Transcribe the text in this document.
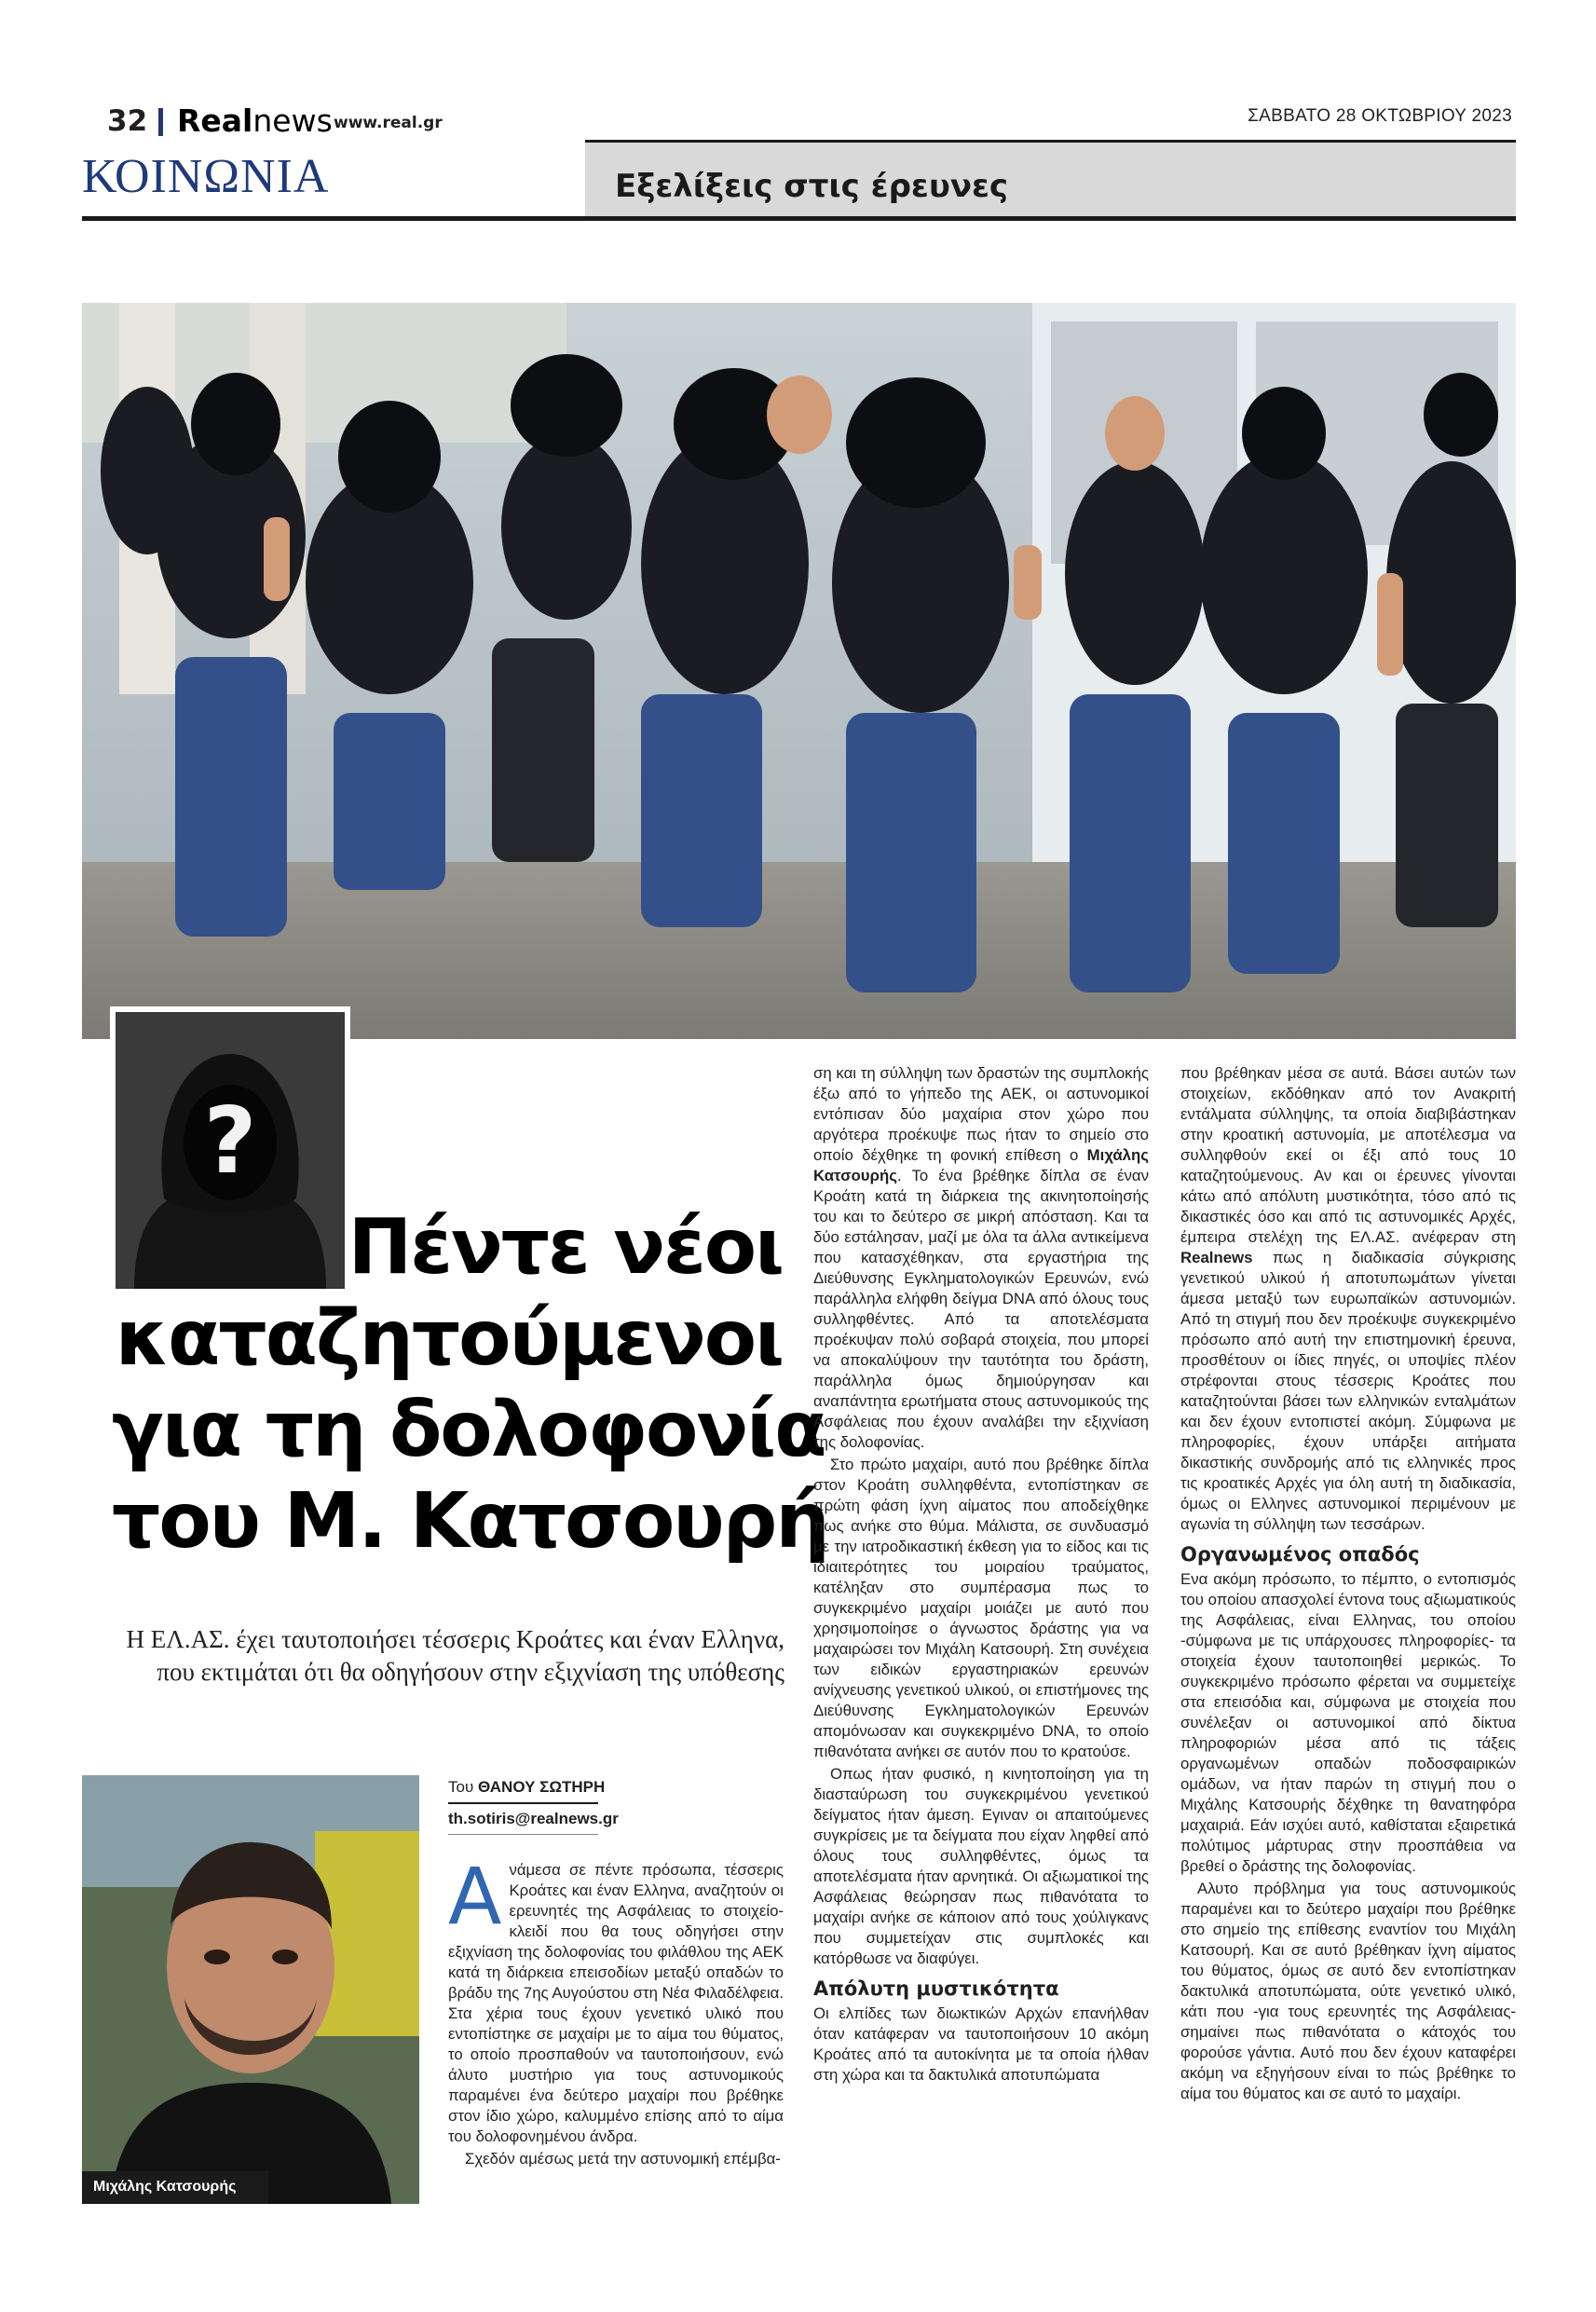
32 Realnews www.real.gr	ΣΑΒΒΑΤΟ 28 ΟΚΤΩΒΡΙΟΥ 2023
ΚΟΙΝΩΝΙΑ	Εξελίξεις στις έρευνες
?
Πέντε νέοι
καταζητούμενοι
για τη δολοφονία
του Μ. Κατσουρή
Η ΕΛ.ΑΣ. έχει ταυτοποιήσει τέσσερις Κροάτες και έναν Ελληνα, που εκτιμάται ότι θα οδηγήσουν στην εξιχνίαση της υπόθεσης
Μιχάλης Κατσουρής
Του ΘΑΝΟΥ ΣΩΤΗΡΗ
th.sotiris@realnews.gr

Ανάμεσα σε πέντε πρόσωπα, τέσσερις Κροάτες και έναν Ελληνα, αναζητούν οι ερευνητές της Ασφάλειας το στοιχείο-κλειδί που θα τους οδηγήσει στην εξιχνίαση της δολοφονίας του φιλάθλου της ΑΕΚ κατά τη διάρκεια επεισοδίων μεταξύ οπαδών το βράδυ της 7ης Αυγούστου στη Νέα Φιλαδέλφεια. Στα χέρια τους έχουν γενετικό υλικό που εντοπίστηκε σε μαχαίρι με το αίμα του θύματος, το οποίο προσπαθούν να ταυτοποιήσουν, ενώ άλυτο μυστήριο για τους αστυνομικούς παραμένει ένα δεύτερο μαχαίρι που βρέθηκε στον ίδιο χώρο, καλυμμένο επίσης από το αίμα του δολοφονημένου άνδρα.

Σχεδόν αμέσως μετά την αστυνομική επέμβα-

ση και τη σύλληψη των δραστών της συμπλοκής έξω από το γήπεδο της ΑΕΚ, οι αστυνομικοί εντόπισαν δύο μαχαίρια στον χώρο που αργότερα προέκυψε πως ήταν το σημείο στο οποίο δέχθηκε τη φονική επίθεση ο Μιχάλης Κατσουρής. Το ένα βρέθηκε δίπλα σε έναν Κροάτη κατά τη διάρκεια της ακινητοποίησής του και το δεύτερο σε μικρή απόσταση. Και τα δύο εστάλησαν, μαζί με όλα τα άλλα αντικείμενα που κατασχέθηκαν, στα εργαστήρια της Διεύθυνσης Εγκληματολογικών Ερευνών, ενώ παράλληλα ελήφθη δείγμα DNA από όλους τους συλληφθέντες. Από τα αποτελέσματα προέκυψαν πολύ σοβαρά στοιχεία, που μπορεί να αποκαλύψουν την ταυτότητα του δράστη, παράλληλα όμως δημιούργησαν και αναπάντητα ερωτήματα στους αστυνομικούς της Ασφάλειας που έχουν αναλάβει την εξιχνίαση της δολοφονίας.

Στο πρώτο μαχαίρι, αυτό που βρέθηκε δίπλα στον Κροάτη συλληφθέντα, εντοπίστηκαν σε πρώτη φάση ίχνη αίματος που αποδείχθηκε πως ανήκε στο θύμα. Μάλιστα, σε συνδυασμό με την ιατροδικαστική έκθεση για το είδος και τις ιδιαιτερότητες του μοιραίου τραύματος, κατέληξαν στο συμπέρασμα πως το συγκεκριμένο μαχαίρι μοιάζει με αυτό που χρησιμοποίησε ο άγνωστος δράστης για να μαχαιρώσει τον Μιχάλη Κατσουρή. Στη συνέχεια των ειδικών εργαστηριακών ερευνών ανίχνευσης γενετικού υλικού, οι επιστήμονες της Διεύθυνσης Εγκληματολογικών Ερευνών απομόνωσαν και συγκεκριμένο DNA, το οποίο πιθανότατα ανήκει σε αυτόν που το κρατούσε.

Οπως ήταν φυσικό, η κινητοποίηση για τη διασταύρωση του συγκεκριμένου γενετικού δείγματος ήταν άμεση. Εγιναν οι απαιτούμενες συγκρίσεις με τα δείγματα που είχαν ληφθεί από όλους τους συλληφθέντες, όμως τα αποτελέσματα ήταν αρνητικά. Οι αξιωματικοί της Ασφάλειας θεώρησαν πως πιθανότατα το μαχαίρι ανήκε σε κάποιον από τους χούλιγκανς που συμμετείχαν στις συμπλοκές και κατόρθωσε να διαφύγει.

Απόλυτη μυστικότητα

Οι ελπίδες των διωκτικών Αρχών επανήλθαν όταν κατάφεραν να ταυτοποιήσουν 10 ακόμη Κροάτες από τα αυτοκίνητα με τα οποία ήλθαν στη χώρα και τα δακτυλικά αποτυπώματα

που βρέθηκαν μέσα σε αυτά. Βάσει αυτών των στοιχείων, εκδόθηκαν από τον Ανακριτή εντάλματα σύλληψης, τα οποία διαβιβάστηκαν στην κροατική αστυνομία, με αποτέλεσμα να συλληφθούν εκεί οι έξι από τους 10 καταζητούμενους. Αν και οι έρευνες γίνονται κάτω από απόλυτη μυστικότητα, τόσο από τις δικαστικές όσο και από τις αστυνομικές Αρχές, έμπειρα στελέχη της ΕΛ.ΑΣ. ανέφεραν στη Realnews πως η διαδικασία σύγκρισης γενετικού υλικού ή αποτυπωμάτων γίνεται άμεσα μεταξύ των ευρωπαϊκών αστυνομιών. Από τη στιγμή που δεν προέκυψε συγκεκριμένο πρόσωπο από αυτή την επιστημονική έρευνα, προσθέτουν οι ίδιες πηγές, οι υποψίες πλέον στρέφονται στους τέσσερις Κροάτες που καταζητούνται βάσει των ελληνικών ενταλμάτων και δεν έχουν εντοπιστεί ακόμη. Σύμφωνα με πληροφορίες, έχουν υπάρξει αιτήματα δικαστικής συνδρομής από τις ελληνικές προς τις κροατικές Αρχές για όλη αυτή τη διαδικασία, όμως οι Ελληνες αστυνομικοί περιμένουν με αγωνία τη σύλληψη των τεσσάρων.

Οργανωμένος οπαδός

Ενα ακόμη πρόσωπο, το πέμπτο, ο εντοπισμός του οποίου απασχολεί έντονα τους αξιωματικούς της Ασφάλειας, είναι Ελληνας, του οποίου -σύμφωνα με τις υπάρχουσες πληροφορίες- τα στοιχεία έχουν ταυτοποιηθεί μερικώς. Το συγκεκριμένο πρόσωπο φέρεται να συμμετείχε στα επεισόδια και, σύμφωνα με στοιχεία που συνέλεξαν οι αστυνομικοί από δίκτυα πληροφοριών μέσα από τις τάξεις οργανωμένων οπαδών ποδοσφαιρικών ομάδων, να ήταν παρών τη στιγμή που ο Μιχάλης Κατσουρής δέχθηκε τη θανατηφόρα μαχαιριά. Εάν ισχύει αυτό, καθίσταται εξαιρετικά πολύτιμος μάρτυρας στην προσπάθεια να βρεθεί ο δράστης της δολοφονίας.

Αλυτο πρόβλημα για τους αστυνομικούς παραμένει και το δεύτερο μαχαίρι που βρέθηκε στο σημείο της επίθεσης εναντίον του Μιχάλη Κατσουρή. Και σε αυτό βρέθηκαν ίχνη αίματος του θύματος, όμως σε αυτό δεν εντοπίστηκαν δακτυλικά αποτυπώματα, ούτε γενετικό υλικό, κάτι που -για τους ερευνητές της Ασφάλειας- σημαίνει πως πιθανότατα ο κάτοχός του φορούσε γάντια. Αυτό που δεν έχουν καταφέρει ακόμη να εξηγήσουν είναι το πώς βρέθηκε το αίμα του θύματος και σε αυτό το μαχαίρι.
